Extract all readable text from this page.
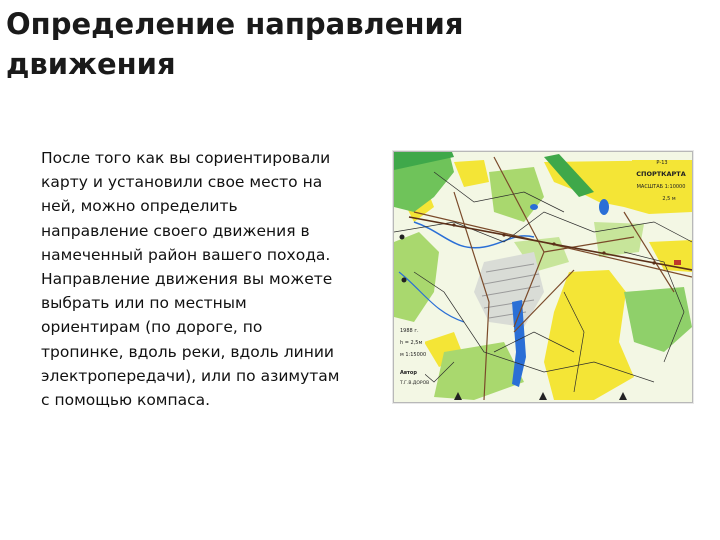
Определение направления
движения
После того как вы сориентировали
карту и установили свое место на
ней, можно определить
направление своего движения в
намеченный район вашего похода.
Направление движения вы можете
выбрать или по местным
ориентирам (по дороге, по
тропинке, вдоль реки, вдоль линии
электропередачи), или по азимутам
с помощью компаса.
Р-13
СПОРТКАРТА
МАСШТАБ 1:10000
2,5 м
1988 г.
h = 2,5м
м 1:15000
Автор
Т.Г.В.ДОРОВ
